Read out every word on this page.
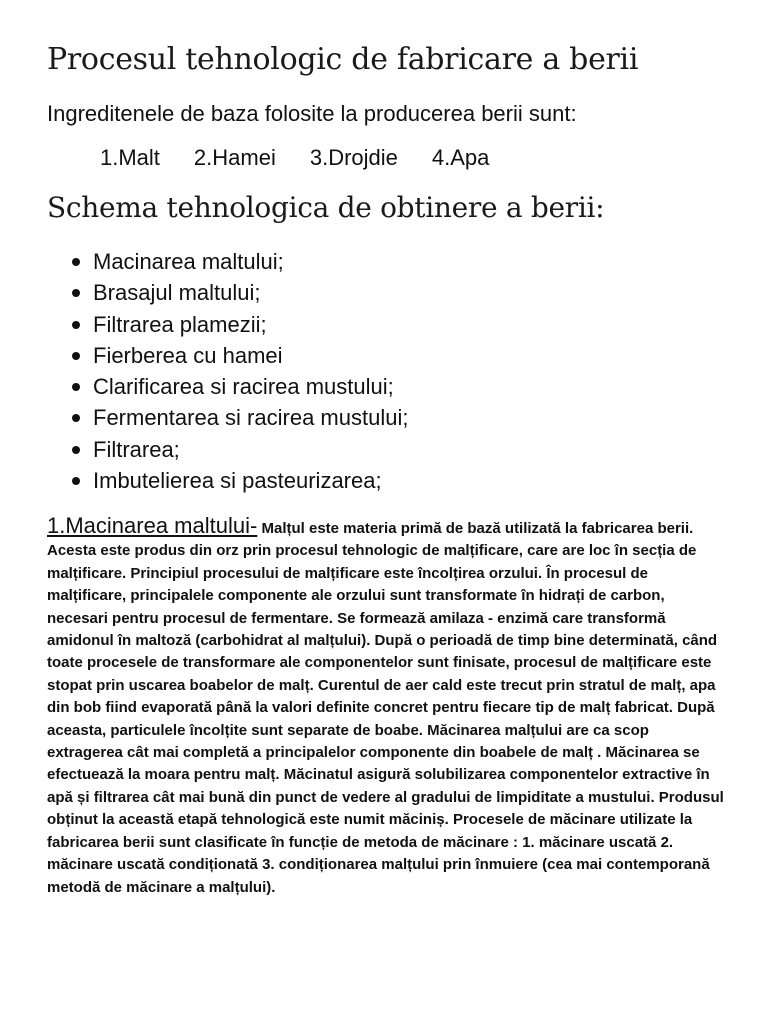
Procesul tehnologic de fabricare a berii

Ingreditenele de baza folosite la producerea berii sunt:

1.Malt 2.Hamei 3.Drojdie 4.Apa
Schema tehnologica de obtinere a berii:
Macinarea maltului;
Brasajul maltului;
Filtrarea plamezii;
Fierberea cu hamei
Clarificarea si racirea mustului;
Fermentarea si racirea mustului;
Filtrarea;
Imbutelierea si pasteurizarea;

1.Macinarea maltului- Malțul este materia primă de bază utilizată la fabricarea berii. Acesta este produs din orz prin procesul tehnologic de malțificare, care are loc în secția de malțificare. Principiul procesului de malțificare este încolțirea orzului. În procesul de malțificare, principalele componente ale orzului sunt transformate în hidrați de carbon, necesari pentru procesul de fermentare. Se formează amilaza - enzimă care transformă amidonul în maltoză (carbohidrat al malțului). După o perioadă de timp bine determinată, când toate procesele de transformare ale componentelor sunt finisate, procesul de malțificare este stopat prin uscarea boabelor de malț. Curentul de aer cald este trecut prin stratul de malț, apa din bob fiind evaporată până la valori definite concret pentru fiecare tip de malț fabricat. După aceasta, particulele încolțite sunt separate de boabe. Măcinarea malțului are ca scop extragerea cât mai completă a principalelor componente din boabele de malț . Măcinarea se efectuează la moara pentru malț. Măcinatul asigură solubilizarea componentelor extractive în apă și filtrarea cât mai bună din punct de vedere al gradului de limpiditate a mustului. Produsul obținut la această etapă tehnologică este numit măciniș. Procesele de măcinare utilizate la fabricarea berii sunt clasificate în funcție de metoda de măcinare : 1. măcinare uscată 2. măcinare uscată condiționată 3. condiționarea malțului prin înmuiere (cea mai contemporană metodă de măcinare a malțului).
